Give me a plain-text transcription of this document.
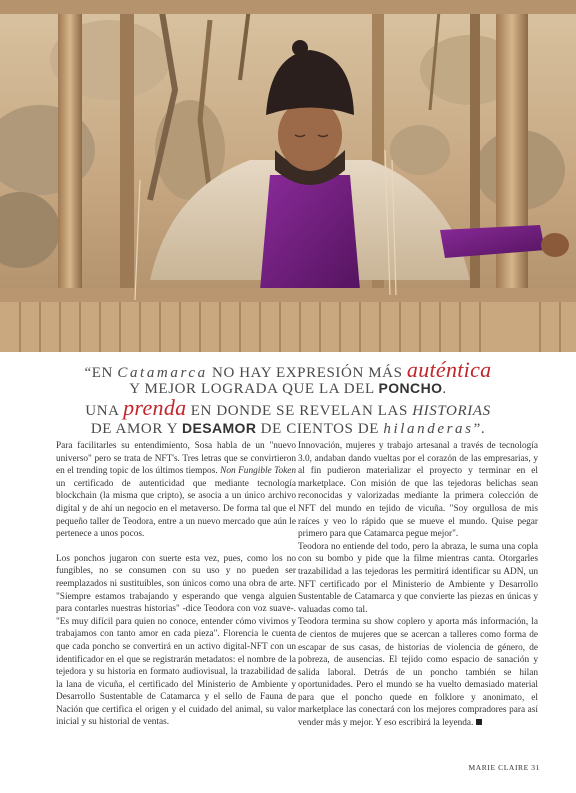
“EN Catamarca NO HAY EXPRESIÓN MÁS auténtica
Y MEJOR LOGRADA QUE LA DEL PONCHO.
UNA prenda EN DONDE SE REVELAN LAS HISTORIAS
DE AMOR Y DESAMOR DE CIENTOS DE hilanderas”.

Para facilitarles su entendimiento, Sosa habla de un "nuevo universo" pero se trata de NFT's. Tres letras que se convirtieron en el trending topic de los últimos tiempos. Non Fungible Token un certificado de autenticidad que mediante tecnología blockchain (la misma que cripto), se asocia a un único archivo digital y de ahí un negocio en el metaverso. De forma tal que el pequeño taller de Teodora, entre a un nuevo mercado que aún le pertenece a unos pocos.

Los ponchos jugaron con suerte esta vez, pues, como los no fungibles, no se consumen con su uso y no pueden ser reemplazados ni sustituibles, son únicos como una obra de arte. "Siempre estamos trabajando y esperando que venga alguien para contarles nuestras historias" -dice Teodora con voz suave-. "Es muy difícil para quien no conoce, entender cómo vivimos y trabajamos con tanto amor en cada pieza". Florencia le cuenta que cada poncho se convertirá en un activo digital-NFT con un identificador en el que se registrarán metadatos: el nombre de la tejedora y su historia en formato audiovisual, la trazabilidad de la lana de vicuña, el certificado del Ministerio de Ambiente y Desarrollo Sustentable de Catamarca y el sello de Fauna de Nación que certifica el origen y el cuidado del animal, su valor inicial y su historial de ventas.

Innovación, mujeres y trabajo artesanal a través de tecnología 3.0, andaban dando vueltas por el corazón de las empresarias, y al fin pudieron materializar el proyecto y terminar en el marketplace. Con misión de que las tejedoras belichas sean reconocidas y valorizadas mediante la primera colección de NFT del mundo en tejido de vicuña. "Soy orgullosa de mis raíces y veo lo rápido que se mueve el mundo. Quise pegar primero para que Catamarca pegue mejor".

Teodora no entiende del todo, pero la abraza, le suma una copla con su bombo y pide que la filme mientras canta. Otorgarles trazabilidad a las tejedoras les permitirá identificar su ADN, un NFT certificado por el Ministerio de Ambiente y Desarrollo Sustentable de Catamarca y que convierte las piezas en únicas y valuadas como tal.

Teodora termina su show coplero y aporta más información, la de cientos de mujeres que se acercan a talleres como forma de escapar de sus casas, de historias de violencia de género, de pobreza, de ausencias. El tejido como espacio de sanación y salida laboral. Detrás de un poncho también se hilan oportunidades. Pero el mundo se ha vuelto demasiado material para que el poncho quede en folklore y anonimato, el marketplace las conectará con los mejores compradores para así vender más y mejor. Y eso escribirá la leyenda.

MARIE CLAIRE 31
